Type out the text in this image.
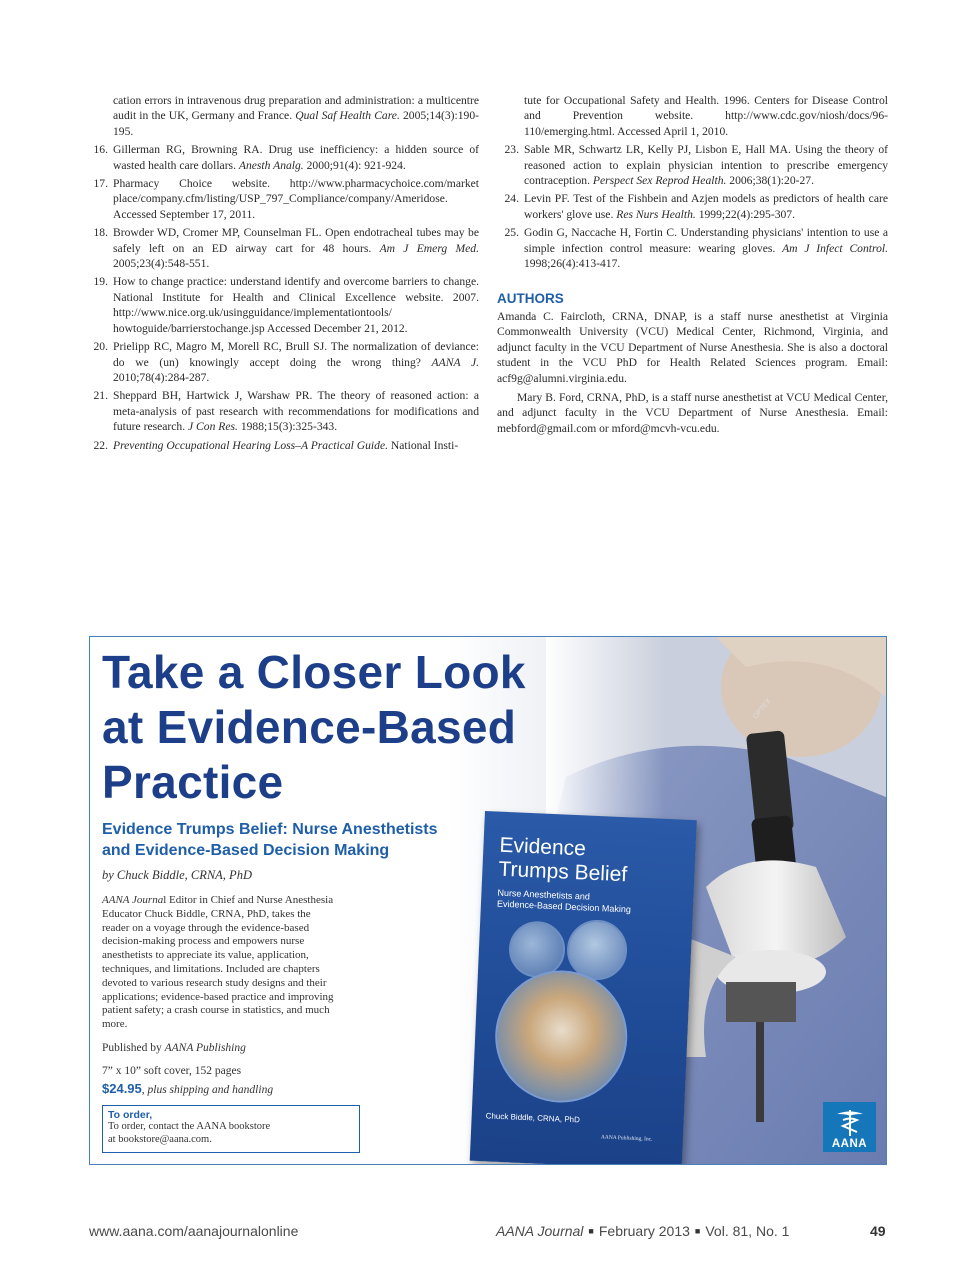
cation errors in intravenous drug preparation and administration: a multicentre audit in the UK, Germany and France. Qual Saf Health Care. 2005;14(3):190-195.
16. Gillerman RG, Browning RA. Drug use inefficiency: a hidden source of wasted health care dollars. Anesth Analg. 2000;91(4): 921-924.
17. Pharmacy Choice website. http://www.pharmacychoice.com/market place/company.cfm/listing/USP_797_Compliance/company/Ameridose. Accessed September 17, 2011.
18. Browder WD, Cromer MP, Counselman FL. Open endotracheal tubes may be safely left on an ED airway cart for 48 hours. Am J Emerg Med. 2005;23(4):548-551.
19. How to change practice: understand identify and overcome barriers to change. National Institute for Health and Clinical Excellence website. 2007. http://www.nice.org.uk/usingguidance/implementationtools/ howtoguide/barrierstochange.jsp Accessed December 21, 2012.
20. Prielipp RC, Magro M, Morell RC, Brull SJ. The normalization of deviance: do we (un) knowingly accept doing the wrong thing? AANA J. 2010;78(4):284-287.
21. Sheppard BH, Hartwick J, Warshaw PR. The theory of reasoned action: a meta-analysis of past research with recommendations for modifications and future research. J Con Res. 1988;15(3):325-343.
22. Preventing Occupational Hearing Loss–A Practical Guide. National Insti-
tute for Occupational Safety and Health. 1996. Centers for Disease Control and Prevention website. http://www.cdc.gov/niosh/docs/96-110/emerging.html. Accessed April 1, 2010.
23. Sable MR, Schwartz LR, Kelly PJ, Lisbon E, Hall MA. Using the theory of reasoned action to explain physician intention to prescribe emergency contraception. Perspect Sex Reprod Health. 2006;38(1):20-27.
24. Levin PF. Test of the Fishbein and Azjen models as predictors of health care workers' glove use. Res Nurs Health. 1999;22(4):295-307.
25. Godin G, Naccache H, Fortin C. Understanding physicians' intention to use a simple infection control measure: wearing gloves. Am J Infect Control. 1998;26(4):413-417.
AUTHORS

Amanda C. Faircloth, CRNA, DNAP, is a staff nurse anesthetist at Virginia Commonwealth University (VCU) Medical Center, Richmond, Virginia, and adjunct faculty in the VCU Department of Nurse Anesthesia. She is also a doctoral student in the VCU PhD for Health Related Sciences program. Email: acf9g@alumni.virginia.edu.

Mary B. Ford, CRNA, PhD, is a staff nurse anesthetist at VCU Medical Center, and adjunct faculty in the VCU Department of Nurse Anesthesia. Email: mebford@gmail.com or mford@mcvh-vcu.edu.

OPTEX
Take a Closer Look
at Evidence-Based
Practice
Evidence Trumps Belief: Nurse Anesthetists
and Evidence-Based Decision Making
by Chuck Biddle, CRNA, PhD
AANA Journal Editor in Chief and Nurse Anesthesia Educator Chuck Biddle, CRNA, PhD, takes the reader on a voyage through the evidence-based decision-making process and empowers nurse anesthetists to appreciate its value, application, techniques, and limitations. Included are chapters devoted to various research study designs and their applications; evidence-based practice and improving patient safety; a crash course in statistics, and much more.
Published by AANA Publishing
7” x 10” soft cover, 152 pages
$24.95, plus shipping and handling
To order,
To order, contact the AANA bookstore
at bookstore@aana.com.
Evidence
Trumps Belief
Nurse Anesthetists and
Evidence-Based Decision Making
Chuck Biddle, CRNA, PhD
AANA Publishing, Inc.	AANA
www.aana.com/aanajournalonline	AANA Journal ■ February 2013 ■ Vol. 81, No. 1	49
